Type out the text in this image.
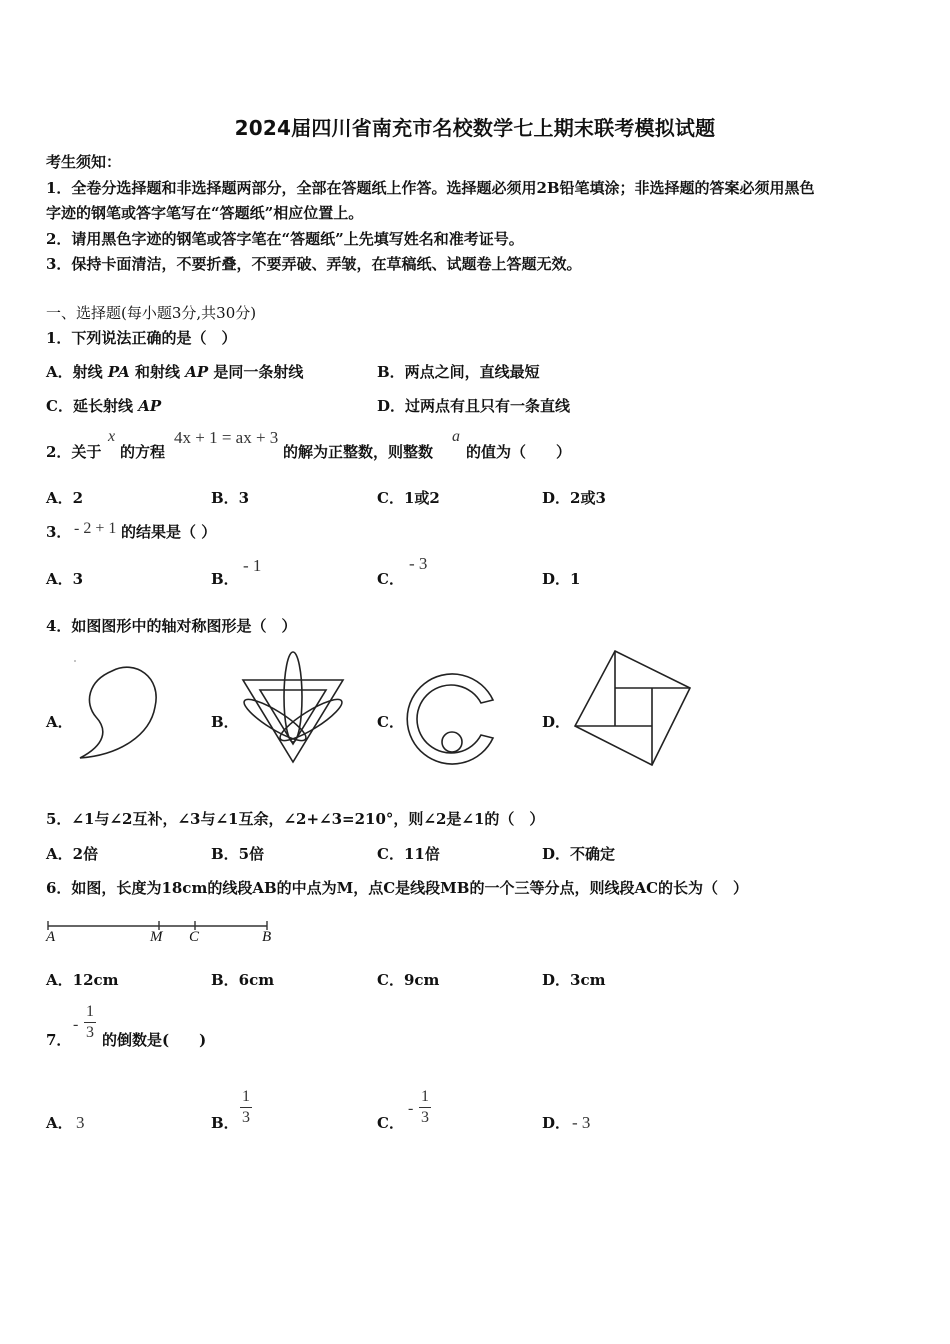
2024届四川省南充市名校数学七上期末联考模拟试题
考生须知：
1．全卷分选择题和非选择题两部分，全部在答题纸上作答。选择题必须用2B铅笔填涂；非选择题的答案必须用黑色
字迹的钢笔或答字笔写在“答题纸”相应位置上。
2．请用黑色字迹的钢笔或答字笔在“答题纸”上先填写姓名和准考证号。
3．保持卡面清洁，不要折叠，不要弄破、弄皱，在草稿纸、试题卷上答题无效。
一、选择题(每小题3分,共30分)
1．下列说法正确的是（　）
A．射线 PA 和射线 AP 是同一条射线	B．两点之间，直线最短
C．延长射线 AP	D．过两点有且只有一条直线
2．关于
x
的方程
4x + 1 = ax + 3
的解为正整数，则整数
a
的值为（　　）
A．2	B．3	C．1或2	D．2或3
3． - 2 + 1 的结果是（ ）
A．3	B．
- 1
C．
- 3
D．1
4．如图图形中的轴对称图形是（　）
A．	B．	C．	D．
5．∠1与∠2互补，∠3与∠1互余，∠2+∠3=210°，则∠2是∠1的（　）
A．2倍	B．5倍	C．11倍	D．不确定
6．如图，长度为18cm的线段AB的中点为M，点C是线段MB的一个三等分点，则线段AC的长为（　）
A	M C	B
A．12cm	B．6cm	C．9cm	D．3cm
7．
- $\frac{1}{3}$ 的倒数是(　　)
A． 3	B． $\frac{1}{3}$	C．
- $\frac{1}{3}$	D． - 3
